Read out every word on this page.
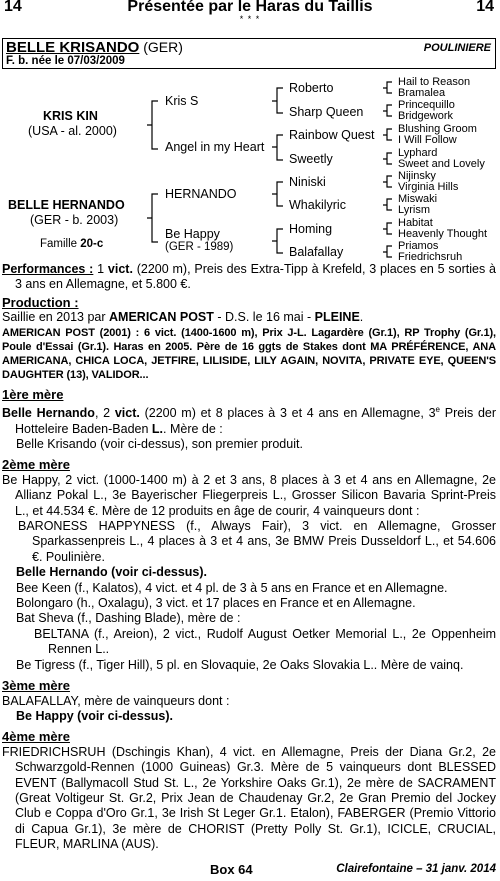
14	Présentée par le Haras du Taillis	14
* * *
BELLE KRISANDO (GER)	POULINIERE
F. b. née le 07/03/2009
KRIS KIN
(USA - al. 2000)
BELLE HERNANDO
(GER - b. 2003)
Famille 20-c
Kris S
Angel in my Heart
HERNANDO
Be Happy
(GER - 1989)
Roberto
Sharp Queen
Rainbow Quest
Sweetly
Niniski
Whakilyric
Homing
Balafallay
Hail to Reason
Bramalea
Princequillo
Bridgework
Blushing Groom
I Will Follow
Lyphard
Sweet and Lovely
Nijinsky
Virginia Hills
Miswaki
Lyrism
Habitat
Heavenly Thought
Priamos
Friedrichsruh

Performances : 1 vict. (2200 m), Preis des Extra-Tipp à Krefeld, 3 places en 5 sorties à 3 ans en Allemagne, et 5.800 €.

Production :

Saillie en 2013 par AMERICAN POST - D.S. le 16 mai - PLEINE.

AMERICAN POST (2001) : 6 vict. (1400-1600 m), Prix J-L. Lagardère (Gr.1), RP Trophy (Gr.1), Poule d'Essai (Gr.1). Haras en 2005. Père de 16 ggts de Stakes dont MA PRÉFÉRENCE, ANA AMERICANA, CHICA LOCA, JETFIRE, LILISIDE, LILY AGAIN, NOVITA, PRIVATE EYE, QUEEN'S DAUGHTER (13), VALIDOR...

1ère mère

Belle Hernando, 2 vict. (2200 m) et 8 places à 3 et 4 ans en Allemagne, 3e Preis der Hotteleire Baden-Baden L.. Mère de :

Belle Krisando (voir ci-dessus), son premier produit.

2ème mère

Be Happy, 2 vict. (1000-1400 m) à 2 et 3 ans, 8 places à 3 et 4 ans en Allemagne, 2e Allianz Pokal L., 3e Bayerischer Fliegerpreis L., Grosser Silicon Bavaria Sprint-Preis L., et 44.534 €. Mère de 12 produits en âge de courir, 4 vainqueurs dont :

BARONESS HAPPYNESS (f., Always Fair), 3 vict. en Allemagne, Grosser Sparkassenpreis L., 4 places à 3 et 4 ans, 3e BMW Preis Dusseldorf L., et 54.606 €. Poulinière.

Belle Hernando (voir ci-dessus).

Bee Keen (f., Kalatos), 4 vict. et 4 pl. de 3 à 5 ans en France et en Allemagne.

Bolongaro (h., Oxalagu), 3 vict. et 17 places en France et en Allemagne.

Bat Sheva (f., Dashing Blade), mère de :

BELTANA (f., Areion), 2 vict., Rudolf August Oetker Memorial L., 2e Oppenheim Rennen L..

Be Tigress (f., Tiger Hill), 5 pl. en Slovaquie, 2e Oaks Slovakia L.. Mère de vainq.

3ème mère

BALAFALLAY, mère de vainqueurs dont :

Be Happy (voir ci-dessus).

4ème mère

FRIEDRICHSRUH (Dschingis Khan), 4 vict. en Allemagne, Preis der Diana Gr.2, 2e Schwarzgold-Rennen (1000 Guineas) Gr.3. Mère de 5 vainqueurs dont BLESSED EVENT (Ballymacoll Stud St. L., 2e Yorkshire Oaks Gr.1), 2e mère de SACRAMENT (Great Voltigeur St. Gr.2, Prix Jean de Chaudenay Gr.2, 2e Gran Premio del Jockey Club e Coppa d'Oro Gr.1, 3e Irish St Leger Gr.1. Etalon), FABERGER (Premio Vittorio di Capua Gr.1), 3e mère de CHORIST (Pretty Polly St. Gr.1), ICICLE, CRUCIAL, FLEUR, MARLINA (AUS).

Box 64	Clairefontaine – 31 janv. 2014
